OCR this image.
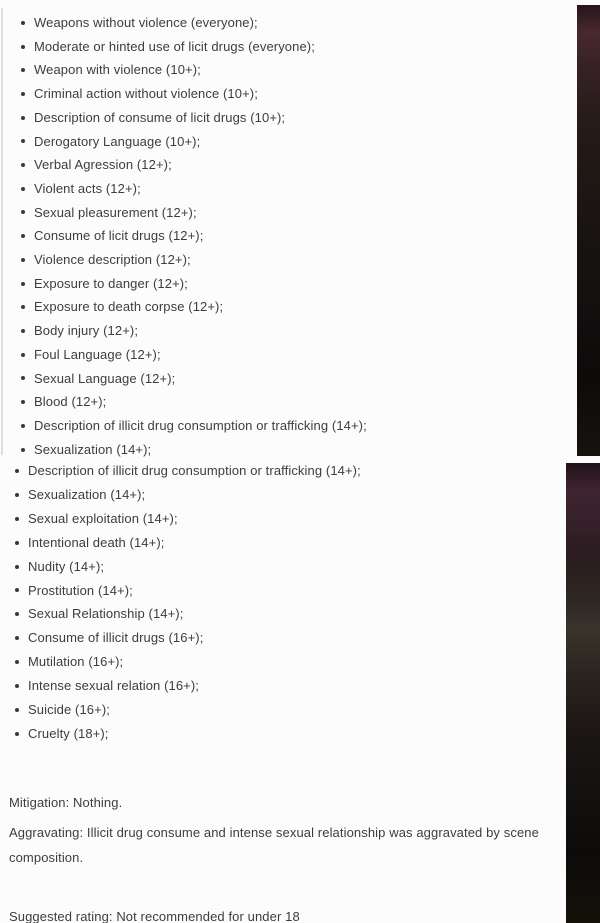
Weapons without violence (everyone);
Moderate or hinted use of licit drugs (everyone);
Weapon with violence (10+);
Criminal action without violence (10+);
Description of consume of licit drugs (10+);
Derogatory Language (10+);
Verbal Agression (12+);
Violent acts (12+);
Sexual pleasurement (12+);
Consume of licit drugs (12+);
Violence description (12+);
Exposure to danger (12+);
Exposure to death corpse (12+);
Body injury (12+);
Foul Language (12+);
Sexual Language (12+);
Blood (12+);
Description of illicit drug consumption or trafficking (14+);
Sexualization (14+);
Description of illicit drug consumption or trafficking (14+);
Sexualization (14+);
Sexual exploitation (14+);
Intentional death (14+);
Nudity (14+);
Prostitution (14+);
Sexual Relationship (14+);
Consume of illicit drugs (16+);
Mutilation (16+);
Intense sexual relation (16+);
Suicide (16+);
Cruelty (18+);

Mitigation: Nothing.

Aggravating: Illicit drug consume and intense sexual relationship was aggravated by scene
composition.

Suggested rating: Not recommended for under 18
